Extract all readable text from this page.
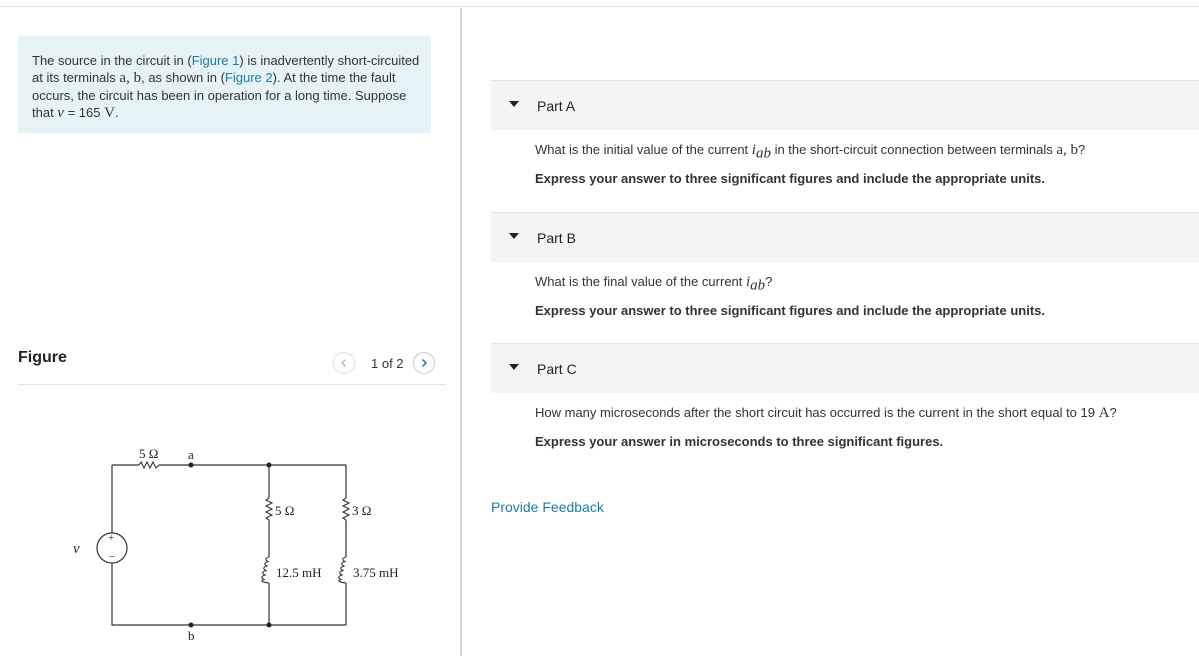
The source in the circuit in (Figure 1) is inadvertently short-circuited at its terminals a, b, as shown in (Figure 2). At the time the fault occurs, the circuit has been in operation for a long time. Suppose that v = 165 V.
Figure	1 of 2
5 Ω a
b
v
+
−
5 Ω	3 Ω
12.5 mH 3.75 mH
Part A
What is the initial value of the current $i_{ab}$ in the short-circuit connection between terminals a, b?
Express your answer to three significant figures and include the appropriate units.
Part B
What is the final value of the current $i_{ab}$?
Express your answer to three significant figures and include the appropriate units.
Part C
How many microseconds after the short circuit has occurred is the current in the short equal to 19 A?
Express your answer in microseconds to three significant figures.
Provide Feedback
